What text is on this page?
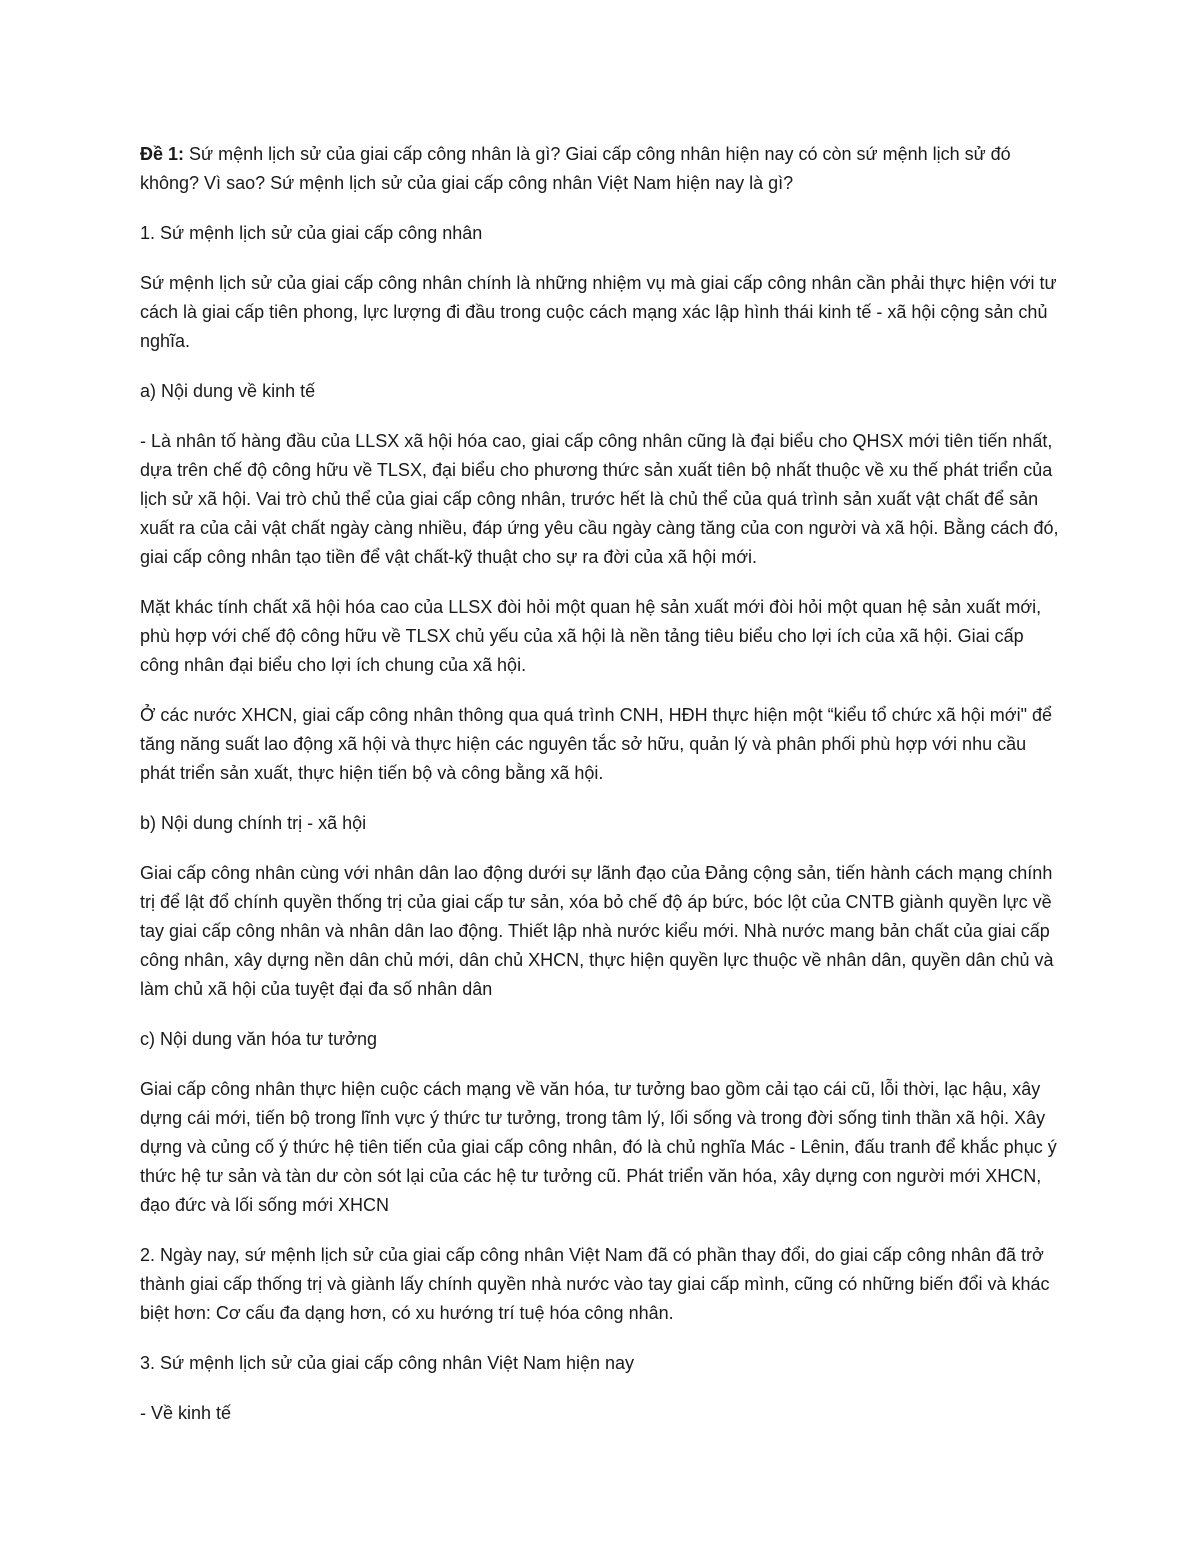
Đề 1: Sứ mệnh lịch sử của giai cấp công nhân là gì? Giai cấp công nhân hiện nay có còn sứ mệnh lịch sử đó không? Vì sao? Sứ mệnh lịch sử của giai cấp công nhân Việt Nam hiện nay là gì?

1. Sứ mệnh lịch sử của giai cấp công nhân

Sứ mệnh lịch sử của giai cấp công nhân chính là những nhiệm vụ mà giai cấp công nhân cần phải thực hiện với tư cách là giai cấp tiên phong, lực lượng đi đầu trong cuộc cách mạng xác lập hình thái kinh tế - xã hội cộng sản chủ nghĩa.

a) Nội dung về kinh tế

- Là nhân tố hàng đầu của LLSX xã hội hóa cao, giai cấp công nhân cũng là đại biểu cho QHSX mới tiên tiến nhất, dựa trên chế độ công hữu về TLSX, đại biểu cho phương thức sản xuất tiên bộ nhất thuộc về xu thế phát triển của lịch sử xã hội. Vai trò chủ thể của giai cấp công nhân, trước hết là chủ thể của quá trình sản xuất vật chất để sản xuất ra của cải vật chất ngày càng nhiều, đáp ứng yêu cầu ngày càng tăng của con người và xã hội. Bằng cách đó, giai cấp công nhân tạo tiền để vật chất-kỹ thuật cho sự ra đời của xã hội mới.

Mặt khác tính chất xã hội hóa cao của LLSX đòi hỏi một quan hệ sản xuất mới đòi hỏi một quan hệ sản xuất mới, phù hợp với chế độ công hữu về TLSX chủ yếu của xã hội là nền tảng tiêu biểu cho lợi ích của xã hội. Giai cấp công nhân đại biểu cho lợi ích chung của xã hội.

Ở các nước XHCN, giai cấp công nhân thông qua quá trình CNH, HĐH thực hiện một “kiểu tổ chức xã hội mới" để tăng năng suất lao động xã hội và thực hiện các nguyên tắc sở hữu, quản lý và phân phối phù hợp với nhu cầu phát triển sản xuất, thực hiện tiến bộ và công bằng xã hội.

b) Nội dung chính trị - xã hội

Giai cấp công nhân cùng với nhân dân lao động dưới sự lãnh đạo của Đảng cộng sản, tiến hành cách mạng chính trị để lật đổ chính quyền thống trị của giai cấp tư sản, xóa bỏ chế độ áp bức, bóc lột của CNTB giành quyền lực về tay giai cấp công nhân và nhân dân lao động. Thiết lập nhà nước kiểu mới. Nhà nước mang bản chất của giai cấp công nhân, xây dựng nền dân chủ mới, dân chủ XHCN, thực hiện quyền lực thuộc về nhân dân, quyền dân chủ và làm chủ xã hội của tuyệt đại đa số nhân dân

c) Nội dung văn hóa tư tưởng

Giai cấp công nhân thực hiện cuộc cách mạng về văn hóa, tư tưởng bao gồm cải tạo cái cũ, lỗi thời, lạc hậu, xây dựng cái mới, tiến bộ trong lĩnh vực ý thức tư tưởng, trong tâm lý, lối sống và trong đời sống tinh thần xã hội. Xây dựng và củng cố ý thức hệ tiên tiến của giai cấp công nhân, đó là chủ nghĩa Mác - Lênin, đấu tranh để khắc phục ý thức hệ tư sản và tàn dư còn sót lại của các hệ tư tưởng cũ. Phát triển văn hóa, xây dựng con người mới XHCN, đạo đức và lối sống mới XHCN

2. Ngày nay, sứ mệnh lịch sử của giai cấp công nhân Việt Nam đã có phần thay đổi, do giai cấp công nhân đã trở thành giai cấp thống trị và giành lấy chính quyền nhà nước vào tay giai cấp mình, cũng có những biến đổi và khác biệt hơn: Cơ cấu đa dạng hơn, có xu hướng trí tuệ hóa công nhân.

3. Sứ mệnh lịch sử của giai cấp công nhân Việt Nam hiện nay

- Về kinh tế
